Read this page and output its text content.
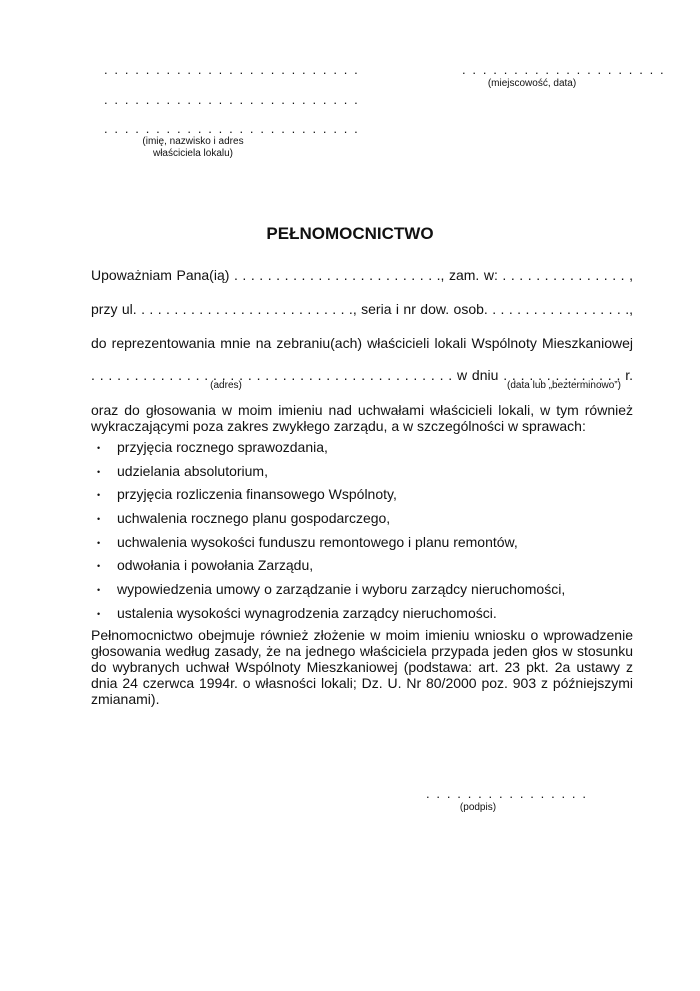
. . . . . . . . . . . . . . . . . . . . . . . . .
. . . . . . . . . . . . . . . . . . . . . . . . .
. . . . . . . . . . . . . . . . . . . . . . . . .
(imię, nazwisko i adres
właściciela lokalu)
. . . . . . . . . . . . . . . . . . . .
(miejscowość, data)
PEŁNOMOCNICTWO
Upoważniam Pana(ią) . . . . . . . . . . . . . . . . . . . . . . . . ., zam. w: . . . . . . . . . . . . . . . ,
przy ul. . . . . . . . . . . . . . . . . . . . . . . . . . ., seria i nr dow. osob. . . . . . . . . . . . . . . . . .,
do reprezentowania mnie na zebraniu(ach) właścicieli lokali Wspólnoty Mieszkaniowej
. . . . . . . . . . . . . . . . . . . . . . . . . . . . . . . . . . . . . . . . . . w dniu . . . . . . . . . . . . . . r.
(adres)	(data lub „bezterminowo”)
oraz do głosowania w moim imieniu nad uchwałami właścicieli lokali, w tym również
wykraczającymi poza zakres zwykłego zarządu, a w szczególności w sprawach:
• przyjęcia rocznego sprawozdania,
• udzielania absolutorium,
• przyjęcia rozliczenia finansowego Wspólnoty,
• uchwalenia rocznego planu gospodarczego,
• uchwalenia wysokości funduszu remontowego i planu remontów,
• odwołania i powołania Zarządu,
• wypowiedzenia umowy o zarządzanie i wyboru zarządcy nieruchomości,
• ustalenia wysokości wynagrodzenia zarządcy nieruchomości.
Pełnomocnictwo obejmuje również złożenie w moim imieniu wniosku o wprowadzenie
głosowania według zasady, że na jednego właściciela przypada jeden głos w stosunku
do wybranych uchwał Wspólnoty Mieszkaniowej (podstawa: art. 23 pkt. 2a ustawy z
dnia 24 czerwca 1994r. o własności lokali; Dz. U. Nr 80/2000 poz. 903 z późniejszymi
zmianami).
. . . . . . . . . . . . . . . .
(podpis)
